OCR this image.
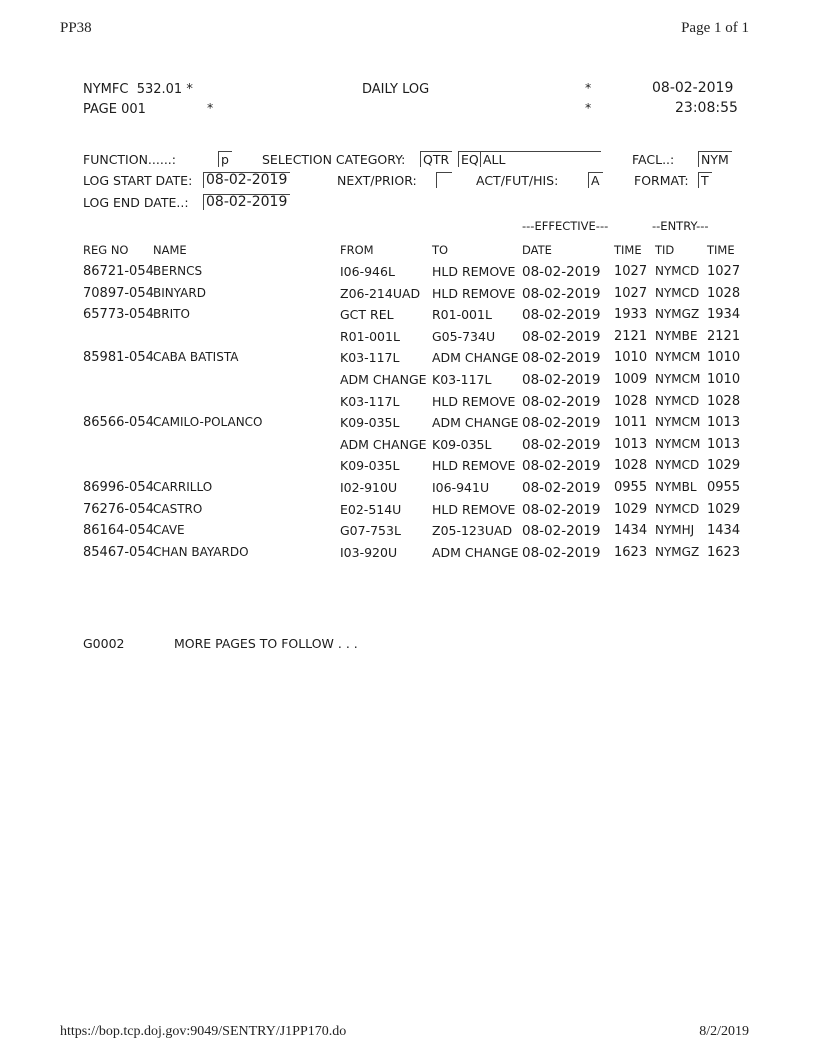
PP38	Page 1 of 1
NYMFC 532.01 *	DAILY LOG	*	08-02-2019
PAGE 001	*	*	23:08:55
FUNCTION......:	p	SELECTION CATEGORY: QTR EQ ALL	FACL..: NYM
LOG START DATE: 08-02-2019	NEXT/PRIOR:	ACT/FUT/HIS:	A	FORMAT: T
LOG END DATE..: 08-02-2019
---EFFECTIVE---	--ENTRY---
REG NO NAME	FROM	TO	DATE	TIME TID	TIME
86721-054 BERNCS	I06-946L	HLD REMOVE 08-02-2019 1027 NYMCD 1027
70897-054 BINYARD	Z06-214UAD HLD REMOVE 08-02-2019 1027 NYMCD 1028
65773-054 BRITO	GCT REL	R01-001L 08-02-2019 1933 NYMGZ 1934
R01-001L	G05-734U 08-02-2019 2121 NYMBE 2121
85981-054 CABA BATISTA	K03-117L	ADM CHANGE 08-02-2019 1010 NYMCM 1010
ADM CHANGE K03-117L 08-02-2019 1009 NYMCM 1010
K03-117L	HLD REMOVE 08-02-2019 1028 NYMCD 1028
86566-054 CAMILO-POLANCO	K09-035L	ADM CHANGE 08-02-2019 1011 NYMCM 1013
ADM CHANGE K09-035L 08-02-2019 1013 NYMCM 1013
K09-035L	HLD REMOVE 08-02-2019 1028 NYMCD 1029
86996-054 CARRILLO	I02-910U	I06-941U 08-02-2019 0955 NYMBL 0955
76276-054 CASTRO	E02-514U HLD REMOVE 08-02-2019 1029 NYMCD 1029
86164-054 CAVE	G07-753L Z05-123UAD 08-02-2019 1434 NYMHJ 1434
85467-054 CHAN BAYARDO	I03-920U	ADM CHANGE 08-02-2019 1623 NYMGZ 1623
G0002	MORE PAGES TO FOLLOW . . .
https://bop.tcp.doj.gov:9049/SENTRY/J1PP170.do	8/2/2019
